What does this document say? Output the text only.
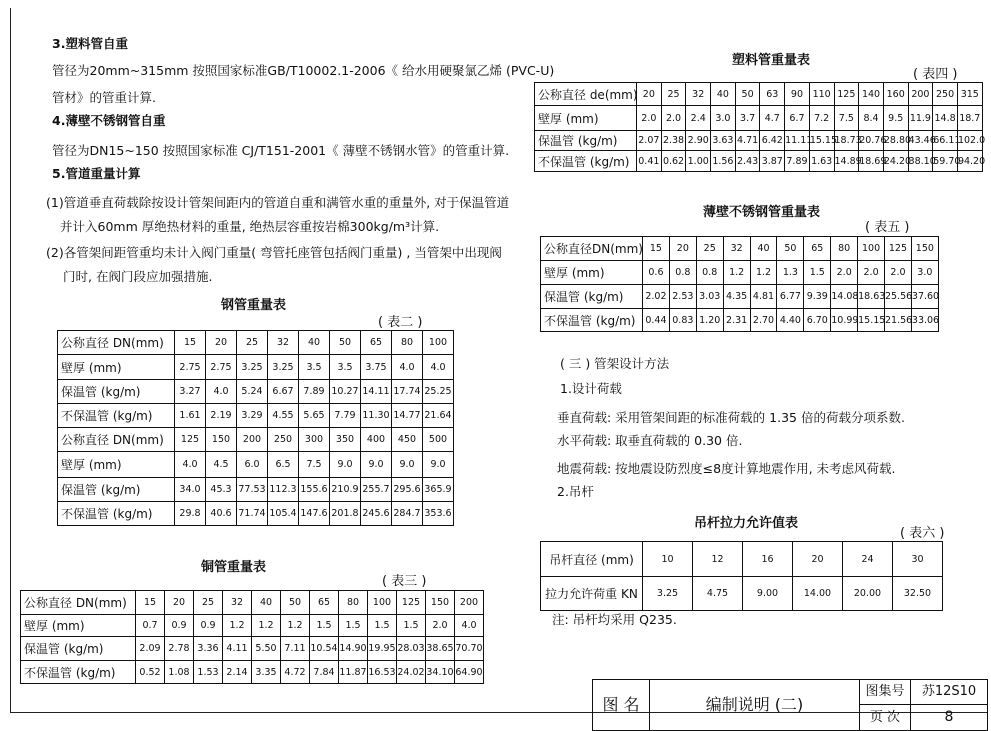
3.塑料管自重
管径为20mm~315mm 按照国家标准GB/T10002.1-2006《 给水用硬聚氯乙烯 (PVC-U)
管材》的管重计算.
4.薄壁不锈钢管自重
管径为DN15~150 按照国家标准 CJ/T151-2001《 薄壁不锈钢水管》的管重计算.
5.管道重量计算
(1)管道垂直荷载除按设计管架间距内的管道自重和满管水重的重量外, 对于保温管道
并计入60mm 厚绝热材料的重量, 绝热层容重按岩棉300kg/m³计算.
(2)各管架间距管重均未计入阀门重量( 弯管托座管包括阀门重量) , 当管架中出现阀
门时, 在阀门段应加强措施.
钢管重量表
( 表二 )
公称直径 DN(mm)	15	20	25	32	40	50	65	80	100
壁厚 (mm)	2.75	2.75	3.25	3.25	3.5	3.5	3.75	4.0	4.0
保温管 (kg/m)	3.27	4.0	5.24	6.67	7.89	10.27	14.11	17.74	25.25
不保温管 (kg/m)	1.61	2.19	3.29	4.55	5.65	7.79	11.30	14.77	21.64
公称直径 DN(mm)	125	150	200	250	300	350	400	450	500
壁厚 (mm)	4.0	4.5	6.0	6.5	7.5	9.0	9.0	9.0	9.0
保温管 (kg/m)	34.0	45.3	77.53	112.3	155.6	210.9	255.7	295.6	365.9
不保温管 (kg/m)	29.8	40.6	71.74	105.4	147.6	201.8	245.6	284.7	353.6
铜管重量表
( 表三 )
公称直径 DN(mm)	15	20	25	32	40	50	65	80	100	125	150	200
壁厚 (mm)	0.7	0.9	0.9	1.2	1.2	1.2	1.5	1.5	1.5	1.5	2.0	4.0
保温管 (kg/m)	2.09	2.78	3.36	4.11	5.50	7.11	10.54	14.90	19.95	28.03	38.65	70.70
不保温管 (kg/m)	0.52	1.08	1.53	2.14	3.35	4.72	7.84	11.87	16.53	24.02	34.10	64.90
塑料管重量表
( 表四 )
公称直径 de(mm)	20	25	32	40	50	63	90	110	125	140	160	200	250	315
壁厚 (mm)	2.0	2.0	2.4	3.0	3.7	4.7	6.7	7.2	7.5	8.4	9.5	11.9	14.8	18.7
保温管 (kg/m)	2.07	2.38	2.90	3.63	4.71	6.42	11.11	15.15	18.73	20.76	28.80	43.46	66.11	102.0
不保温管 (kg/m)	0.41	0.62	1.00	1.56	2.43	3.87	7.89	1.63	14.89	18.69	24.20	38.10	59.70	94.20
薄壁不锈钢管重量表
( 表五 )
公称直径DN(mm)	15	20	25	32	40	50	65	80	100	125	150
壁厚 (mm)	0.6	0.8	0.8	1.2	1.2	1.3	1.5	2.0	2.0	2.0	3.0
保温管 (kg/m)	2.02	2.53	3.03	4.35	4.81	6.77	9.39	14.08	18.63	25.56	37.60
不保温管 (kg/m)	0.44	0.83	1.20	2.31	2.70	4.40	6.70	10.99	15.15	21.56	33.06
( 三 ) 管架设计方法
1.设计荷载
垂直荷载: 采用管架间距的标准荷载的 1.35 倍的荷载分项系数.
水平荷载: 取垂直荷载的 0.30 倍.
地震荷载: 按地震设防烈度≤8度计算地震作用, 未考虑风荷载.
2.吊杆
吊杆拉力允许值表
( 表六 )
吊杆直径 (mm)	10	12	16	20	24	30
拉力允许荷重 KN	3.25	4.75	9.00	14.00	20.00	32.50
注: 吊杆均采用 Q235.
图 名	编制说明 (二)
图集号	苏12S10
页 次	8
